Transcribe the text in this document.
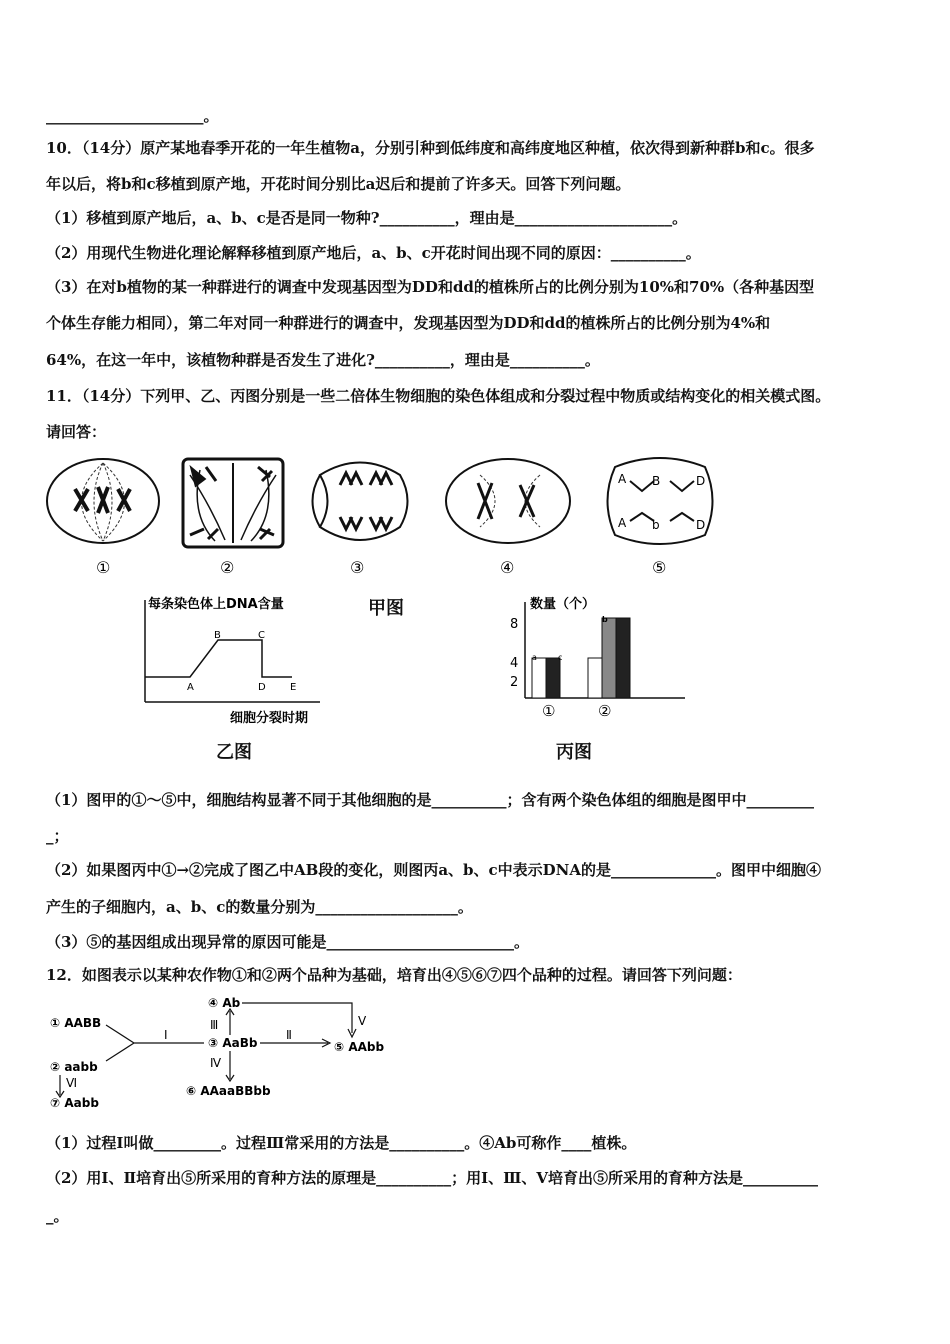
_____________________。
10．（14分）原产某地春季开花的一年生植物a，分别引种到低纬度和高纬度地区种植，依次得到新种群b和c。很多
年以后，将b和c移植到原产地，开花时间分别比a迟后和提前了许多天。回答下列问题。
（1）移植到原产地后，a、b、c是否是同一物种?__________，理由是_____________________。
（2）用现代生物进化理论解释移植到原产地后，a、b、c开花时间出现不同的原因：__________。
（3）在对b植物的某一种群进行的调查中发现基因型为DD和dd的植株所占的比例分别为10%和70%（各种基因型
个体生存能力相同），第二年对同一种群进行的调查中，发现基因型为DD和dd的植株所占的比例分别为4%和
64%，在这一年中，该植物种群是否发生了进化?__________，理由是__________。
11．（14分）下列甲、乙、丙图分别是一些二倍体生物细胞的染色体组成和分裂过程中物质或结构变化的相关模式图。
请回答：
①	②	③	④
A B	D
A b	D
⑤
每条染色体上DNA含量
A
B	C
D E
细胞分裂时期
甲图
乙图
数量（个）
8
4
2
a	c
b
①	②
丙图
（1）图甲的①～⑤中，细胞结构显著不同于其他细胞的是__________；含有两个染色体组的细胞是图甲中_________
_；
（2）如果图丙中①→②完成了图乙中AB段的变化，则图丙a、b、c中表示DNA的是______________。图甲中细胞④
产生的子细胞内，a、b、c的数量分别为___________________。
（3）⑤的基因组成出现异常的原因可能是_________________________。
12．如图表示以某种农作物①和②两个品种为基础，培育出④⑤⑥⑦四个品种的过程。请回答下列问题：
① AABB
② aabb
⑦ Aabb
④ Ab
③ AaBb	⑤ AAbb
⑥ AAaaBBbb
I
Ⅲ
Ⅱ
Ⅴ
Ⅳ
Ⅵ
（1）过程I叫做_________。过程Ⅲ常采用的方法是__________。④Ab可称作____植株。
（2）用I、Ⅱ培育出⑤所采用的育种方法的原理是__________；用Ⅰ、Ⅲ、Ⅴ培育出⑤所采用的育种方法是__________
_。
